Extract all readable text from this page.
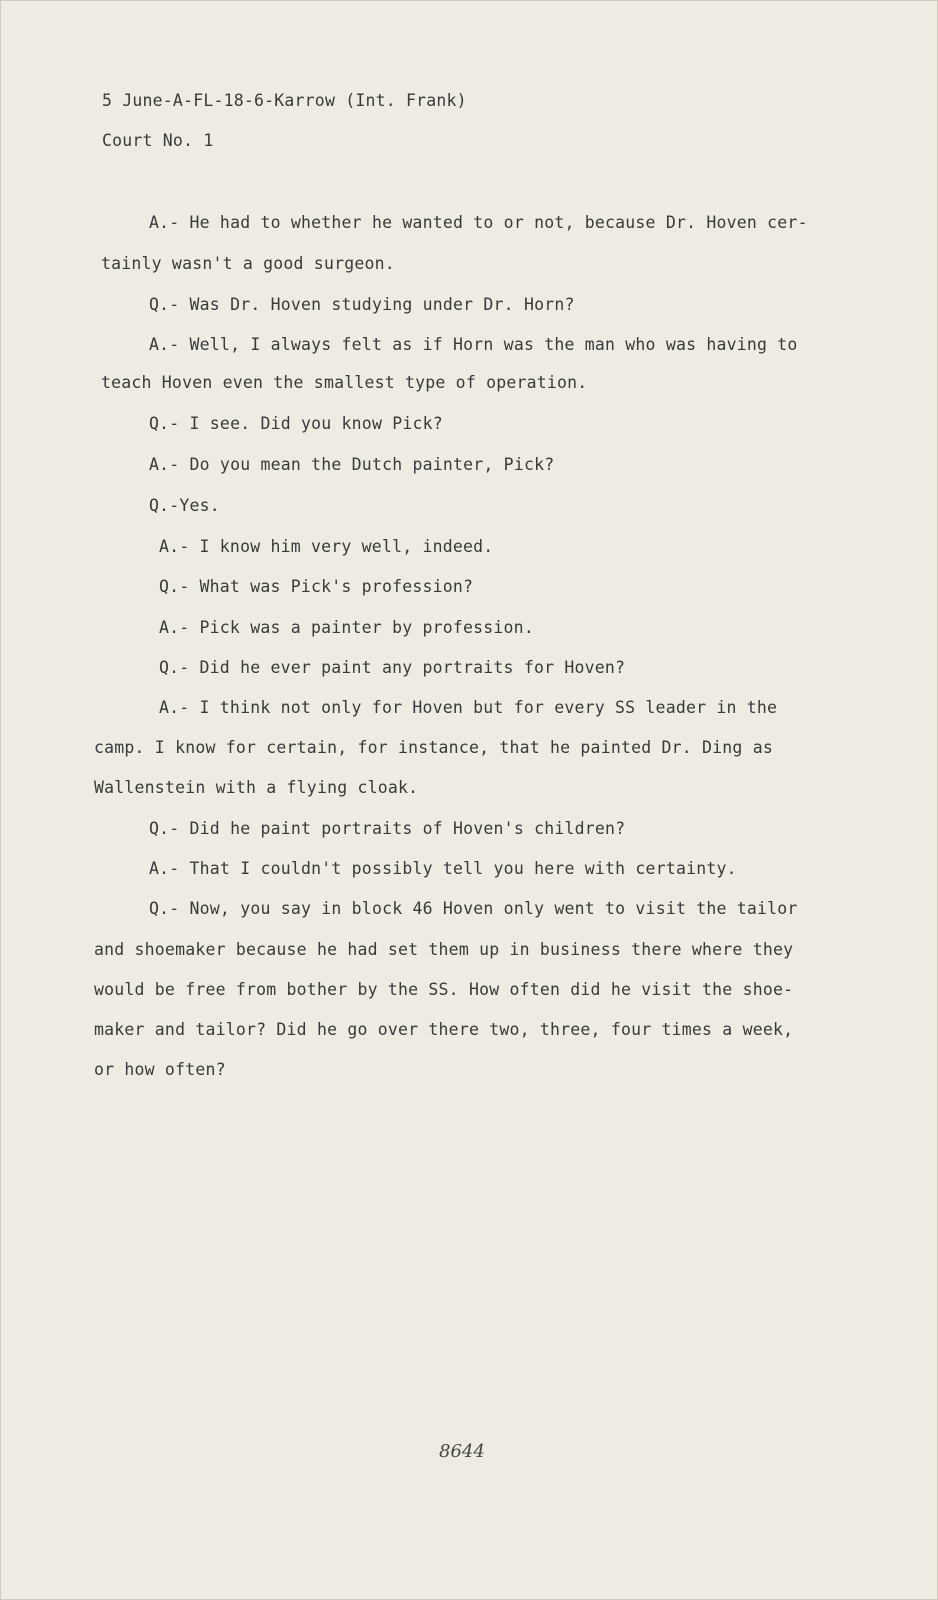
5 June-A-FL-18-6-Karrow (Int. Frank)
Court No. 1
A.- He had to whether he wanted to or not, because Dr. Hoven cer-
tainly wasn't a good surgeon.
Q.- Was Dr. Hoven studying under Dr. Horn?
A.- Well, I always felt as if Horn was the man who was having to
teach Hoven even the smallest type of operation.
Q.- I see. Did you know Pick?
A.- Do you mean the Dutch painter, Pick?
Q.-Yes.
A.- I know him very well, indeed.
Q.- What was Pick's profession?
A.- Pick was a painter by profession.
Q.- Did he ever paint any portraits for Hoven?
A.- I think not only for Hoven but for every SS leader in the
camp. I know for certain, for instance, that he painted Dr. Ding as
Wallenstein with a flying cloak.
Q.- Did he paint portraits of Hoven's children?
A.- That I couldn't possibly tell you here with certainty.
Q.- Now, you say in block 46 Hoven only went to visit the tailor
and shoemaker because he had set them up in business there where they
would be free from bother by the SS. How often did he visit the shoe-
maker and tailor? Did he go over there two, three, four times a week,
or how often?
8644
